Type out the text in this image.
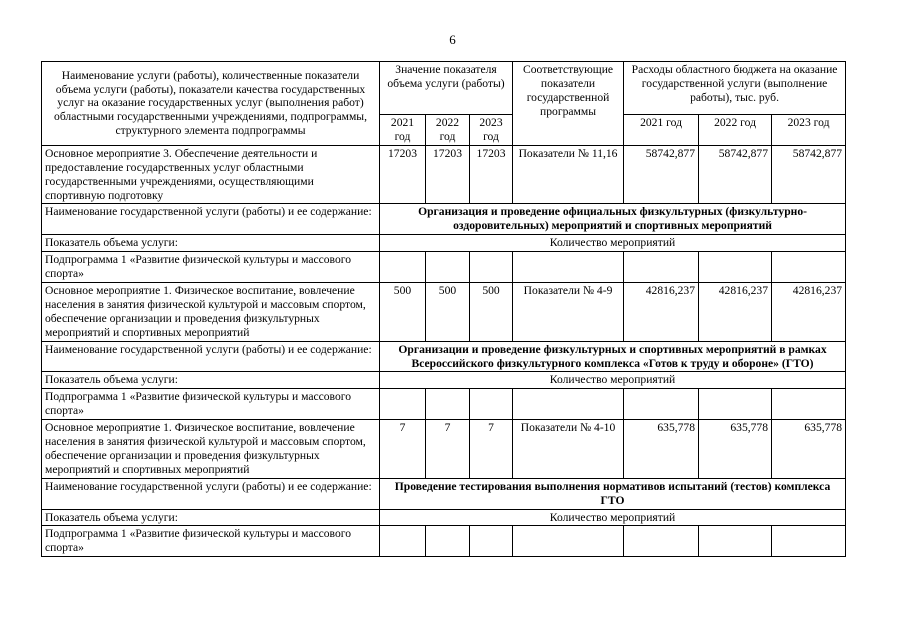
6
Наименование услуги (работы), количественные показатели объема услуги (работы), показатели качества государственных услуг на оказание государственных услуг (выполнения работ) областными государственными учреждениями, подпрограммы, структурного элемента подпрограммы	Значение показателя объема услуги (работы)			Соответствующие показатели государственной программы	Расходы областного бюджета на оказание государственной услуги (выполнение работы), тыс. руб.		
	2021 год	2022 год	2023 год		2021 год	2022 год	2023 год
Основное мероприятие 3. Обеспечение деятельности и предоставление государственных услуг областными государственными учреждениями, осуществляющими спортивную подготовку	17203	17203	17203	Показатели № 11,16	58742,877	58742,877	58742,877
Наименование государственной услуги (работы) и ее содержание:	Организация и проведение официальных физкультурных (физкультурно-оздоровительных) мероприятий и спортивных мероприятий						
Показатель объема услуги:	Количество мероприятий						
Подпрограмма 1 «Развитие физической культуры и массового спорта»							
Основное мероприятие 1. Физическое воспитание, вовлечение населения в занятия физической культурой и массовым спортом, обеспечение организации и проведения физкультурных мероприятий и спортивных мероприятий	500	500	500	Показатели № 4-9	42816,237	42816,237	42816,237
Наименование государственной услуги (работы) и ее содержание:	Организации и проведение физкультурных и спортивных мероприятий в рамках Всероссийского физкультурного комплекса «Готов к труду и обороне» (ГТО)						
Показатель объема услуги:	Количество мероприятий						
Подпрограмма 1 «Развитие физической культуры и массового спорта»							
Основное мероприятие 1. Физическое воспитание, вовлечение населения в занятия физической культурой и массовым спортом, обеспечение организации и проведения физкультурных мероприятий и спортивных мероприятий	7	7	7	Показатели № 4-10	635,778	635,778	635,778
Наименование государственной услуги (работы) и ее содержание:	Проведение тестирования выполнения нормативов испытаний (тестов) комплекса ГТО						
Показатель объема услуги:	Количество мероприятий						
Подпрограмма 1 «Развитие физической культуры и массового спорта»							
